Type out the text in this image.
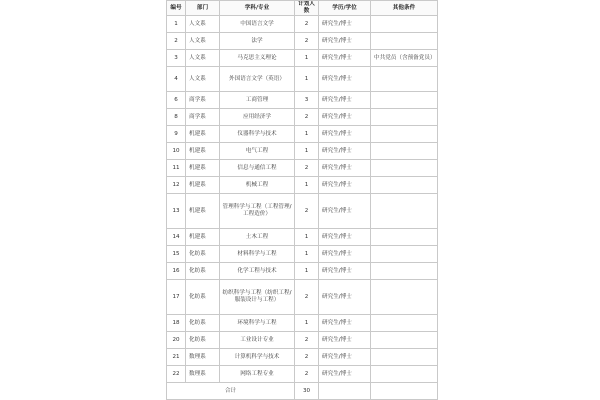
编号	部门	学科/专业	计划人数	学历/学位	其他条件
1	人文系	中国语言文学	2	研究生/博士	
2	人文系	法学	2	研究生/博士	
3	人文系	马克思主义理论	1	研究生/博士	中共党员（含预备党员）
4	人文系	外国语言文学（英语）	1	研究生/博士	
6	商学系	工商管理	3	研究生/博士	
8	商学系	应用经济学	2	研究生/博士	
9	机建系	仪器科学与技术	1	研究生/博士	
10	机建系	电气工程	1	研究生/博士	
11	机建系	信息与通信工程	2	研究生/博士	
12	机建系	机械工程	1	研究生/博士	
13	机建系	管理科学与工程（工程管理/工程造价）	2	研究生/博士	
14	机建系	土木工程	1	研究生/博士	
15	化纺系	材料科学与工程	1	研究生/博士	
16	化纺系	化学工程与技术	1	研究生/博士	
17	化纺系	纺织科学与工程（纺织工程/服装设计与工程）	2	研究生/博士	
18	化纺系	环境科学与工程	1	研究生/博士	
20	化纺系	工业设计专业	2	研究生/博士	
21	数理系	计算机科学与技术	2	研究生/博士	
22	数理系	网络工程专业	2	研究生/博士	
合计			30		
